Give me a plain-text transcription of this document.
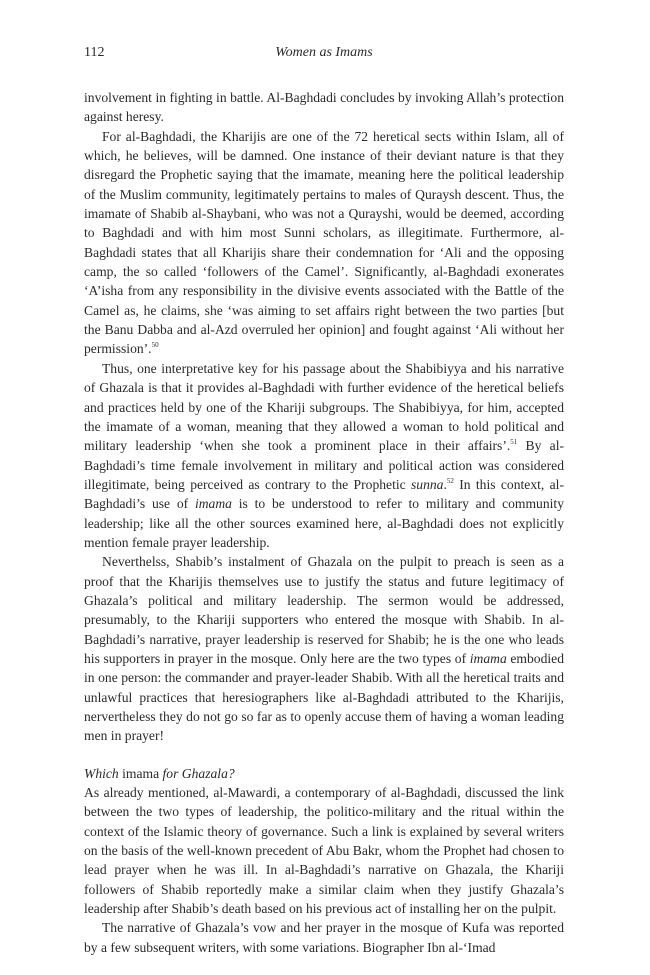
112	Women as Imams

involvement in fighting in battle. Al-Baghdadi concludes by invoking Allah’s protection against heresy.

For al-Baghdadi, the Kharijis are one of the 72 heretical sects within Islam, all of which, he believes, will be damned. One instance of their deviant nature is that they disregard the Prophetic saying that the imamate, meaning here the political leadership of the Muslim community, legitimately pertains to males of Quraysh descent. Thus, the imamate of Shabib al-Shaybani, who was not a Qurayshi, would be deemed, according to Baghdadi and with him most Sunni scholars, as illegitimate. Furthermore, al-Baghdadi states that all Kharijis share their condemnation for ‘Ali and the opposing camp, the so called ‘followers of the Camel’. Significantly, al-Baghdadi exonerates ‘A’isha from any responsibility in the divisive events associated with the Battle of the Camel as, he claims, she ‘was aiming to set affairs right between the two parties [but the Banu Dabba and al-Azd overruled her opinion] and fought against ‘Ali without her permission’.$^{50}$

Thus, one interpretative key for his passage about the Shabibiyya and his narrative of Ghazala is that it provides al-Baghdadi with further evidence of the heretical beliefs and practices held by one of the Khariji subgroups. The Shabibiyya, for him, accepted the imamate of a woman, meaning that they allowed a woman to hold political and military leadership ‘when she took a prominent place in their affairs’.$^{51}$ By al-Baghdadi’s time female involvement in military and political action was considered illegitimate, being perceived as contrary to the Prophetic sunna.$^{52}$ In this context, al-Baghdadi’s use of imama is to be understood to refer to military and community leadership; like all the other sources examined here, al-Baghdadi does not explicitly mention female prayer leadership.

Neverthelss, Shabib’s instalment of Ghazala on the pulpit to preach is seen as a proof that the Kharijis themselves use to justify the status and future legitimacy of Ghazala’s political and military leadership. The sermon would be addressed, presumably, to the Khariji supporters who entered the mosque with Shabib. In al-Baghdadi’s narrative, prayer leadership is reserved for Shabib; he is the one who leads his supporters in prayer in the mosque. Only here are the two types of imama embodied in one person: the commander and prayer-leader Shabib. With all the heretical traits and unlawful practices that heresiographers like al-Baghdadi attributed to the Kharijis, nervertheless they do not go so far as to openly accuse them of having a woman leading men in prayer!

Which imama for Ghazala?

As already mentioned, al-Mawardi, a contemporary of al-Baghdadi, discussed the link between the two types of leadership, the politico-military and the ritual within the context of the Islamic theory of governance. Such a link is explained by several writers on the basis of the well-known precedent of Abu Bakr, whom the Prophet had chosen to lead prayer when he was ill. In al-Baghdadi’s narrative on Ghazala, the Khariji followers of Shabib reportedly make a similar claim when they justify Ghazala’s leadership after Shabib’s death based on his previous act of installing her on the pulpit.

The narrative of Ghazala’s vow and her prayer in the mosque of Kufa was reported by a few subsequent writers, with some variations. Biographer Ibn al-‘Imad
